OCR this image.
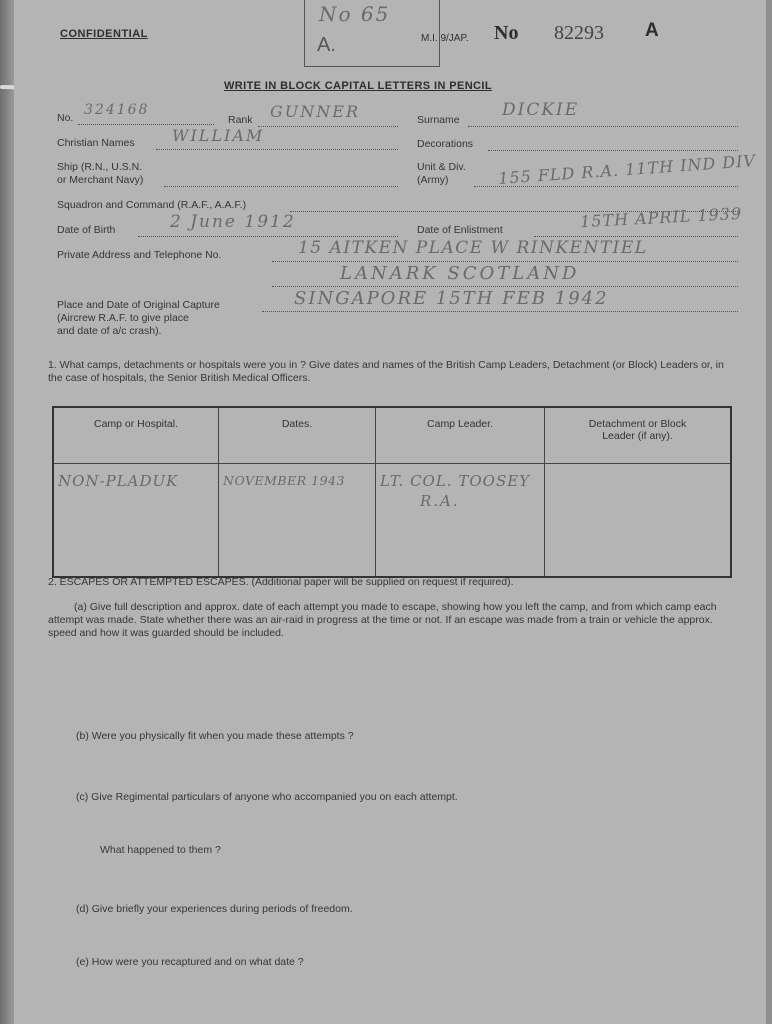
CONFIDENTIAL
No 65
A.	M.I. 9/JAP. No 82293 A
WRITE IN BLOCK CAPITAL LETTERS IN PENCIL
No. 324168
Rank GUNNER	Surname DICKIE
Christian Names WILLIAM	Decorations
Ship (R.N., U.S.N.
or Merchant Navy)
Unit & Div.
(Army)	155 FLD R.A. 11TH IND DIV
Squadron and Command (R.A.F., A.A.F.)
Date of Birth	2 June 1912	Date of Enlistment	15TH APRIL 1939
Private Address and Telephone No.	15 AITKEN PLACE W RINKENTIEL
LANARK SCOTLAND
Place and Date of Original Capture
(Aircrew R.A.F. to give place
and date of a/c crash).
SINGAPORE 15TH FEB 1942
1. What camps, detachments or hospitals were you in ? Give dates and names of the British Camp Leaders, Detachment (or Block) Leaders or, in the case of hospitals, the Senior British Medical Officers.
Camp or Hospital.	Dates.	Camp Leader.	Detachment or Block Leader (if any).
NON-PLADUK	NOVEMBER 1943	LT. COL. TOOSEY
R.A.	

2. ESCAPES OR ATTEMPTED ESCAPES. (Additional paper will be supplied on request if required).
(a) Give full description and approx. date of each attempt you made to escape, showing how you left the camp, and from which camp each attempt was made. State whether there was an air-raid in progress at the time or not. If an escape was made from a train or vehicle the approx. speed and how it was guarded should be included.
(b) Were you physically fit when you made these attempts ?
(c) Give Regimental particulars of anyone who accompanied you on each attempt.
What happened to them ?
(d) Give briefly your experiences during periods of freedom.
(e) How were you recaptured and on what date ?
